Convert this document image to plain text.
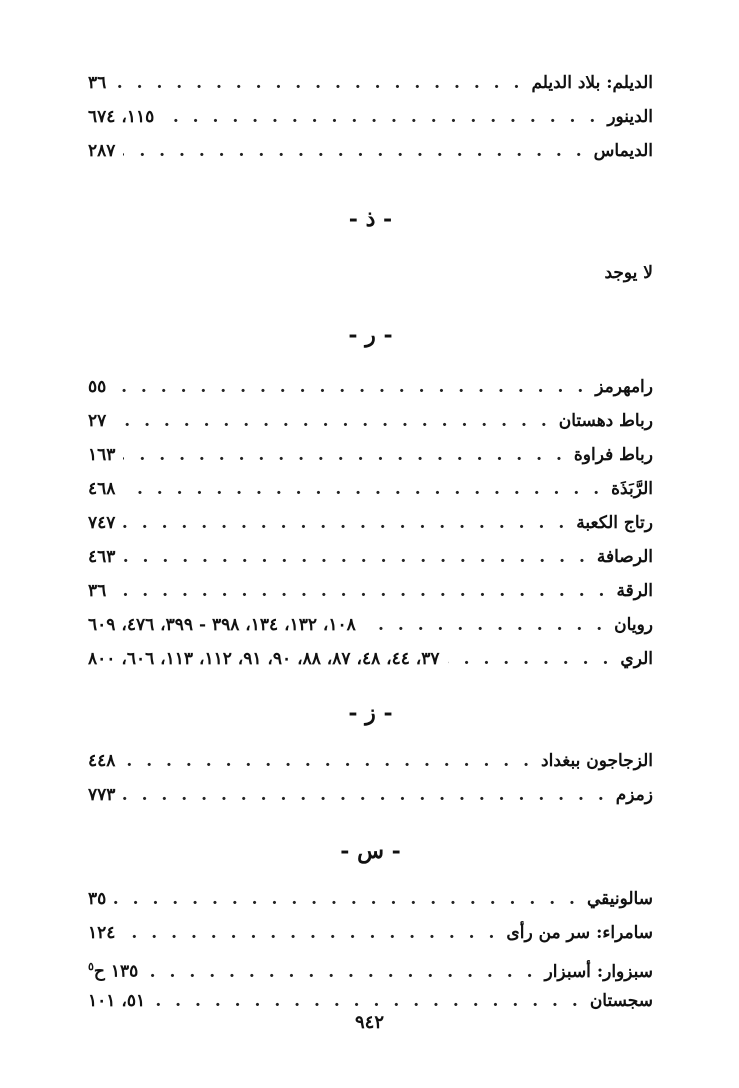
الديلم: بلاد الديلم
. . .
٣٦
الدينور
. . .
١١٥، ٦٧٤
الديماس
. . .
٢٨٧
- ذ -
لا يوجد
- ر -
رامهرمز
. . .
٥٥
رباط دهستان
. . .
٢٧
رباط فراوة
. . .
١٦٣
الرَّبَذَة
. . .
٤٦٨
رتاج الكعبة
. . .
٧٤٧
الرصافة
. . .
٤٦٣
الرقة
. . .
٣٦
رويان
. . .
١٠٨، ١٣٢، ١٣٤، ٣٩٨ - ٣٩٩، ٤٧٦، ٦٠٩
الري
. . .
٣٧، ٤٤، ٤٨، ٨٧، ٨٨، ٩٠، ٩١، ١١٢، ١١٣، ٦٠٦، ٨٠٠
- ز -
الزجاجون ببغداد
. . .
٤٤٨
زمزم
. . .
٧٧٣
- س -
سالونيقي
. . .
٣٥
سامراء: سر من رأى
. . .
١٢٤
سبزوار: أسبزار
. . .
١٣٥ ح$^٥$
سجستان
. . .
٥١، ١٠١
٩٤٢
